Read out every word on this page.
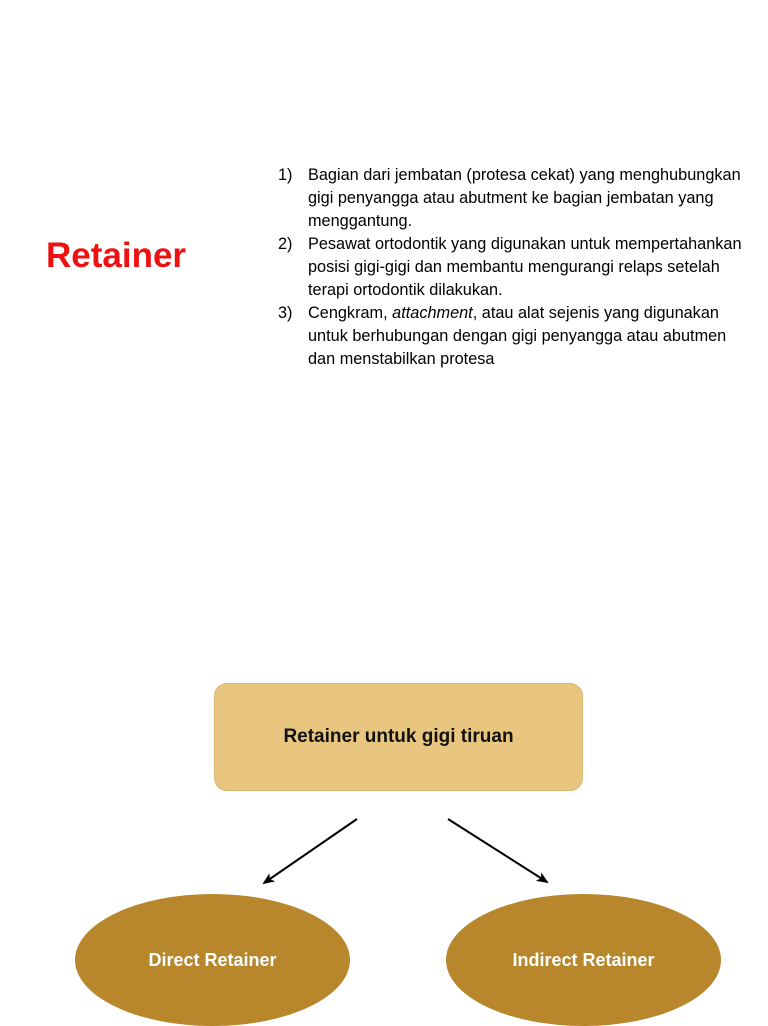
Retainer
1) Bagian dari jembatan (protesa cekat) yang menghubungkan gigi penyangga atau abutment ke bagian jembatan yang menggantung.
2) Pesawat ortodontik yang digunakan untuk mempertahankan posisi gigi-gigi dan membantu mengurangi relaps setelah terapi ortodontik dilakukan.
3) Cengkram, attachment, atau alat sejenis yang digunakan untuk berhubungan dengan gigi penyangga atau abutmen dan menstabilkan protesa
Retainer untuk gigi tiruan
Direct Retainer	Indirect Retainer
